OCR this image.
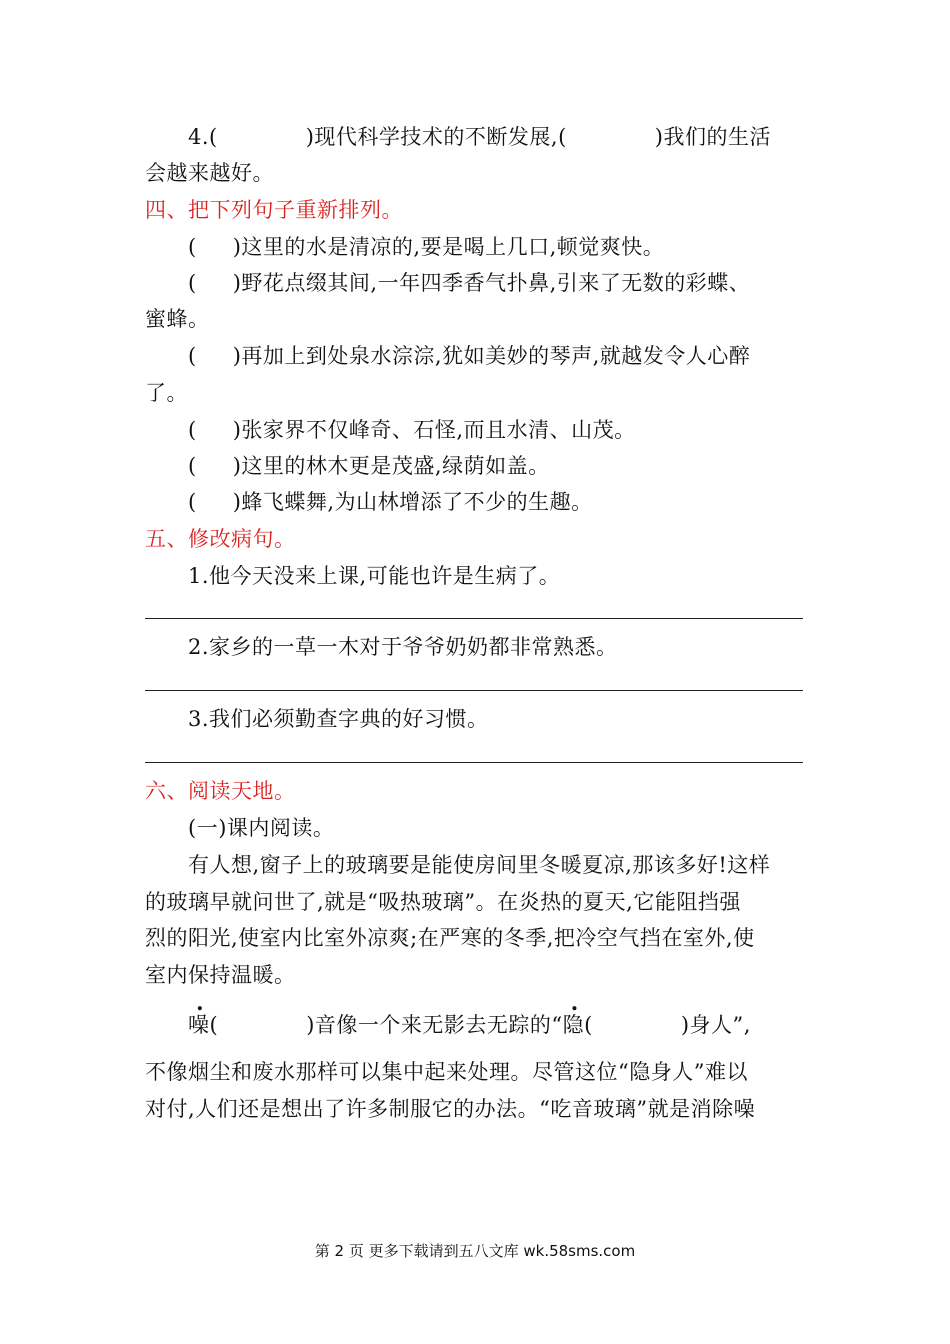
4.(	)现代科学技术的不断发展,(	)我们的生活
会越来越好。
四、把下列句子重新排列。
( )这里的水是清凉的,要是喝上几口,顿觉爽快。
( )野花点缀其间,一年四季香气扑鼻,引来了无数的彩蝶、
蜜蜂。
( )再加上到处泉水淙淙,犹如美妙的琴声,就越发令人心醉
了。
( )张家界不仅峰奇、石怪,而且水清、山茂。
( )这里的林木更是茂盛,绿荫如盖。
( )蜂飞蝶舞,为山林增添了不少的生趣。
五、修改病句。
1.他今天没来上课,可能也许是生病了。
2.家乡的一草一木对于爷爷奶奶都非常熟悉。
3.我们必须勤查字典的好习惯。
六、阅读天地。
(一)课内阅读。
有人想,窗子上的玻璃要是能使房间里冬暖夏凉,那该多好!这样
的玻璃早就问世了,就是“吸热玻璃”。在炎热的夏天,它能阻挡强
烈的阳光,使室内比室外凉爽;在严寒的冬季,把冷空气挡在室外,使
室内保持温暖。
噪(	)音像一个来无影去无踪的“隐(	)身人”,
不像烟尘和废水那样可以集中起来处理。尽管这位“隐身人”难以
对付,人们还是想出了许多制服它的办法。“吃音玻璃”就是消除噪
第 2 页 更多下载请到五八文库 wk.58sms.com
